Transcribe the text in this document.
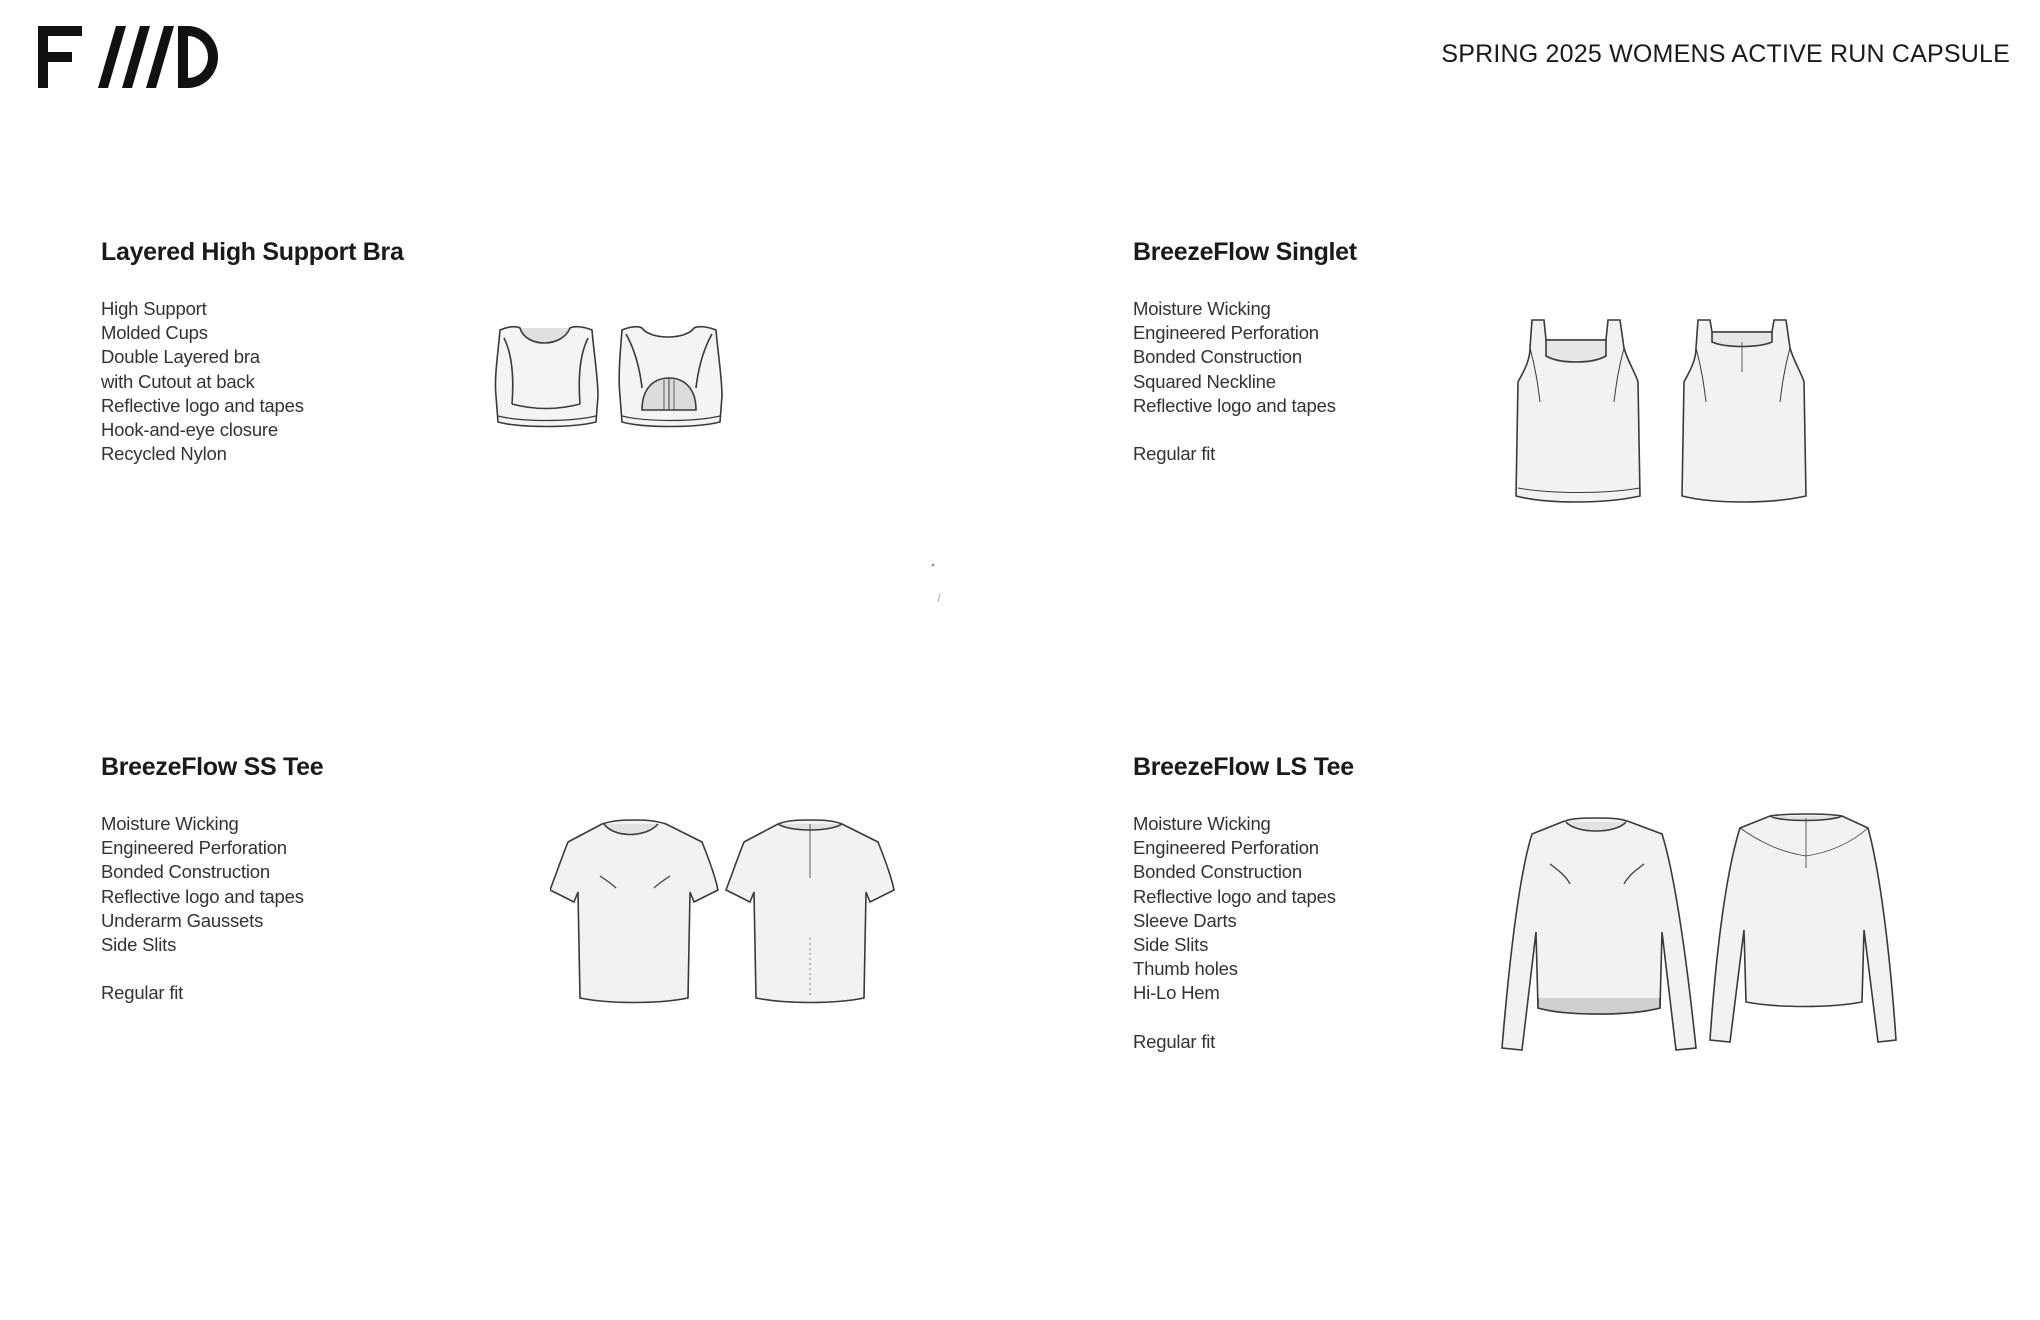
SPRING 2025 WOMENS ACTIVE RUN CAPSULE
Layered High Support Bra
High Support
Molded Cups
Double Layered bra
with Cutout at back
Reflective logo and tapes
Hook-and-eye closure
Recycled Nylon
BreezeFlow Singlet
Moisture Wicking
Engineered Perforation
Bonded Construction
Squared Neckline
Reflective logo and tapes
Regular fit
BreezeFlow SS Tee
Moisture Wicking
Engineered Perforation
Bonded Construction
Reflective logo and tapes
Underarm Gaussets
Side Slits
Regular fit
BreezeFlow LS Tee
Moisture Wicking
Engineered Perforation
Bonded Construction
Reflective logo and tapes
Sleeve Darts
Side Slits
Thumb holes
Hi-Lo Hem
Regular fit
